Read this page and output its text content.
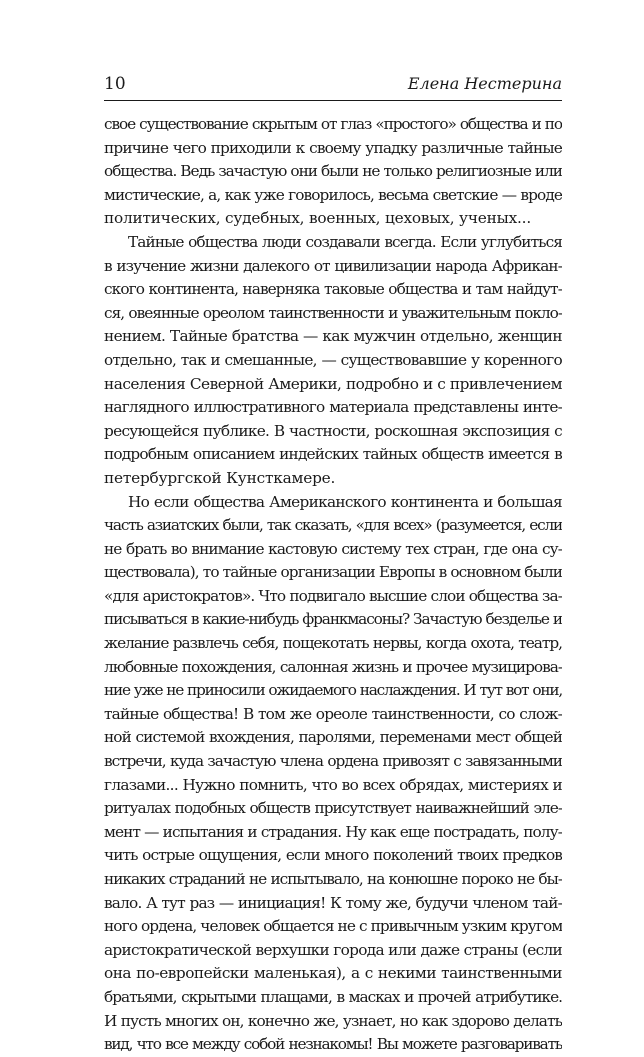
10	Елена Нестерина
свое существование скрытым от глаз «простого» общества и по
причине чего приходили к своему упадку различные тайные
общества. Ведь зачастую они были не только религиозные или
мистические, а, как уже говорилось, весьма светские — вроде
политических, судебных, военных, цеховых, ученых...
Тайные общества люди создавали всегда. Если углубиться
в изучение жизни далекого от цивилизации народа Африкан-
ского континента, наверняка таковые общества и там найдут-
ся, овеянные ореолом таинственности и уважительным покло-
нением. Тайные братства — как мужчин отдельно, женщин
отдельно, так и смешанные, — существовавшие у коренного
населения Северной Америки, подробно и с привлечением
наглядного иллюстративного материала представлены инте-
ресующейся публике. В частности, роскошная экспозиция с
подробным описанием индейских тайных обществ имеется в
петербургской Кунсткамере.
Но если общества Американского континента и большая
часть азиатских были, так сказать, «для всех» (разумеется, если
не брать во внимание кастовую систему тех стран, где она су-
ществовала), то тайные организации Европы в основном были
«для аристократов». Что подвигало высшие слои общества за-
писываться в какие-нибудь франкмасоны? Зачастую безделье и
желание развлечь себя, пощекотать нервы, когда охота, театр,
любовные похождения, салонная жизнь и прочее музицирова-
ние уже не приносили ожидаемого наслаждения. И тут вот они,
тайные общества! В том же ореоле таинственности, со слож-
ной системой вхождения, паролями, переменами мест общей
встречи, куда зачастую члена ордена привозят с завязанными
глазами... Нужно помнить, что во всех обрядах, мистериях и
ритуалах подобных обществ присутствует наиважнейший эле-
мент — испытания и страдания. Ну как еще пострадать, полу-
чить острые ощущения, если много поколений твоих предков
никаких страданий не испытывало, на конюшне пороко не бы-
вало. А тут раз — инициация! К тому же, будучи членом тай-
ного ордена, человек общается не с привычным узким кругом
аристократической верхушки города или даже страны (если
она по-европейски маленькая), а с некими таинственными
братьями, скрытыми плащами, в масках и прочей атрибутике.
И пусть многих он, конечно же, узнает, но как здорово делать
вид, что все между собой незнакомы! Вы можете разговаривать
